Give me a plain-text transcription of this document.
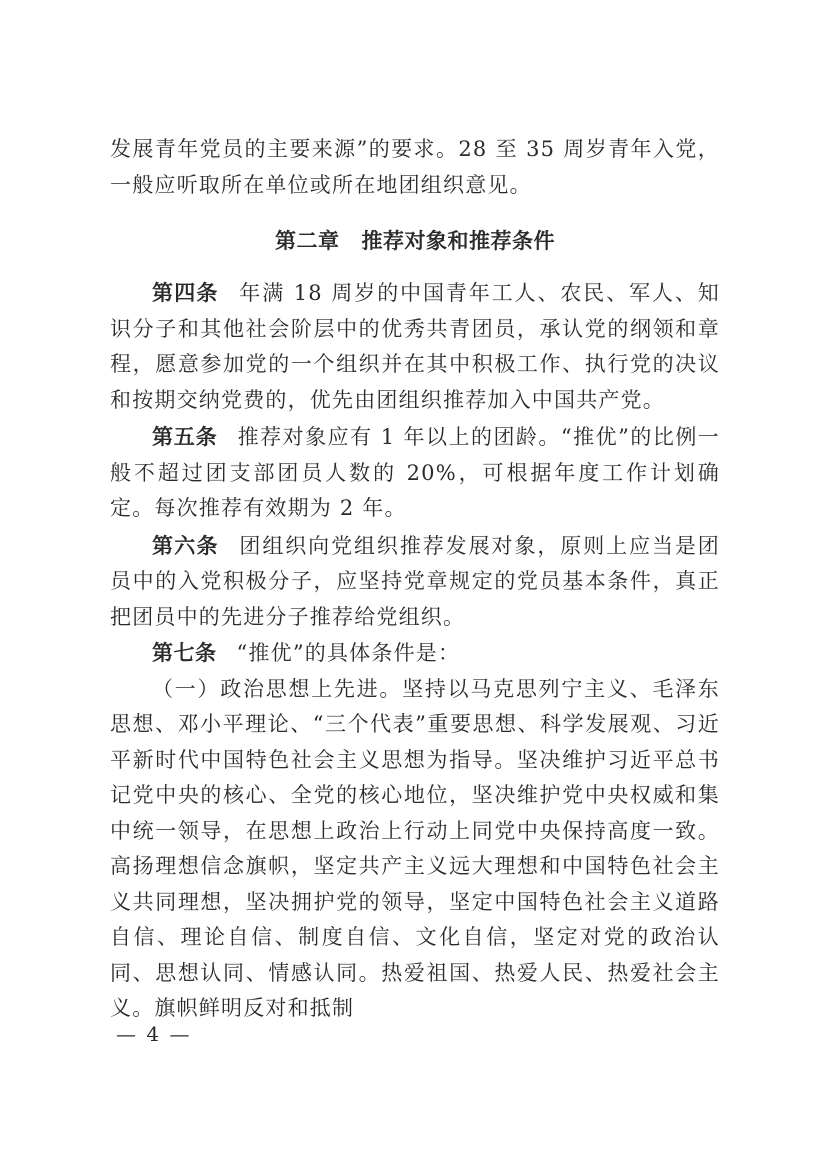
发展青年党员的主要来源”的要求。28 至 35 周岁青年入党，一般应听取所在单位或所在地团组织意见。

第二章 推荐对象和推荐条件

第四条 年满 18 周岁的中国青年工人、农民、军人、知识分子和其他社会阶层中的优秀共青团员，承认党的纲领和章程，愿意参加党的一个组织并在其中积极工作、执行党的决议和按期交纳党费的，优先由团组织推荐加入中国共产党。

第五条 推荐对象应有 1 年以上的团龄。“推优”的比例一般不超过团支部团员人数的 20%，可根据年度工作计划确定。每次推荐有效期为 2 年。

第六条 团组织向党组织推荐发展对象，原则上应当是团员中的入党积极分子，应坚持党章规定的党员基本条件，真正把团员中的先进分子推荐给党组织。

第七条 “推优”的具体条件是：

（一）政治思想上先进。坚持以马克思列宁主义、毛泽东思想、邓小平理论、“三个代表”重要思想、科学发展观、习近平新时代中国特色社会主义思想为指导。坚决维护习近平总书记党中央的核心、全党的核心地位，坚决维护党中央权威和集中统一领导，在思想上政治上行动上同党中央保持高度一致。高扬理想信念旗帜，坚定共产主义远大理想和中国特色社会主义共同理想，坚决拥护党的领导，坚定中国特色社会主义道路自信、理论自信、制度自信、文化自信，坚定对党的政治认同、思想认同、情感认同。热爱祖国、热爱人民、热爱社会主义。旗帜鲜明反对和抵制

— 4 —
